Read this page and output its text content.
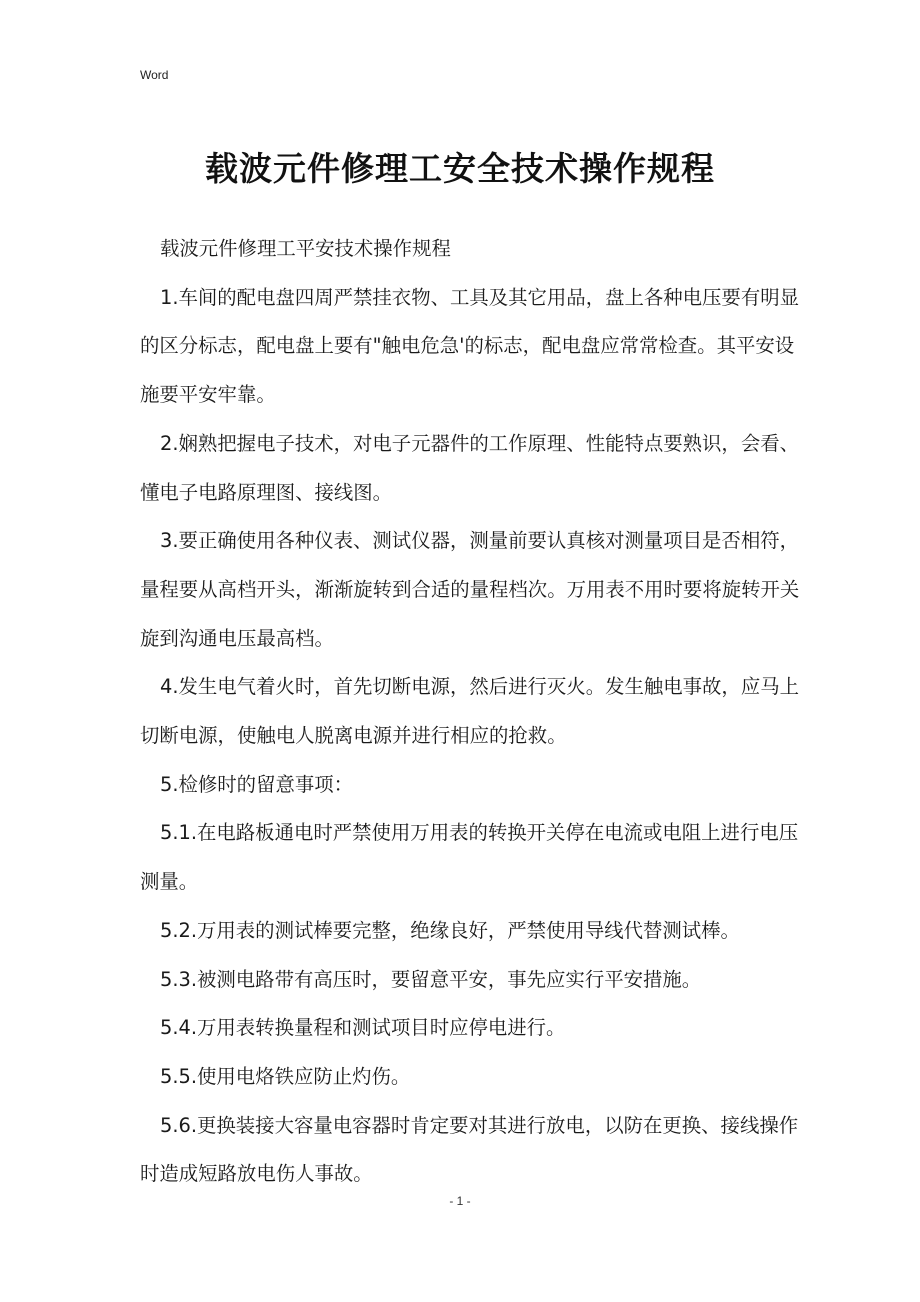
Word
载波元件修理工安全技术操作规程

载波元件修理工平安技术操作规程

1.车间的配电盘四周严禁挂衣物、工具及其它用品，盘上各种电压要有明显的区分标志，配电盘上要有"触电危急'的标志，配电盘应常常检查。其平安设施要平安牢靠。

2.娴熟把握电子技术，对电子元器件的工作原理、性能特点要熟识，会看、懂电子电路原理图、接线图。

3.要正确使用各种仪表、测试仪器，测量前要认真核对测量项目是否相符，量程要从高档开头，渐渐旋转到合适的量程档次。万用表不用时要将旋转开关旋到沟通电压最高档。

4.发生电气着火时，首先切断电源，然后进行灭火。发生触电事故，应马上切断电源，使触电人脱离电源并进行相应的抢救。

5.检修时的留意事项：

5.1.在电路板通电时严禁使用万用表的转换开关停在电流或电阻上进行电压测量。

5.2.万用表的测试棒要完整，绝缘良好，严禁使用导线代替测试棒。

5.3.被测电路带有高压时，要留意平安，事先应实行平安措施。

5.4.万用表转换量程和测试项目时应停电进行。

5.5.使用电烙铁应防止灼伤。

5.6.更换装接大容量电容器时肯定要对其进行放电，以防在更换、接线操作时造成短路放电伤人事故。

- 1 -
